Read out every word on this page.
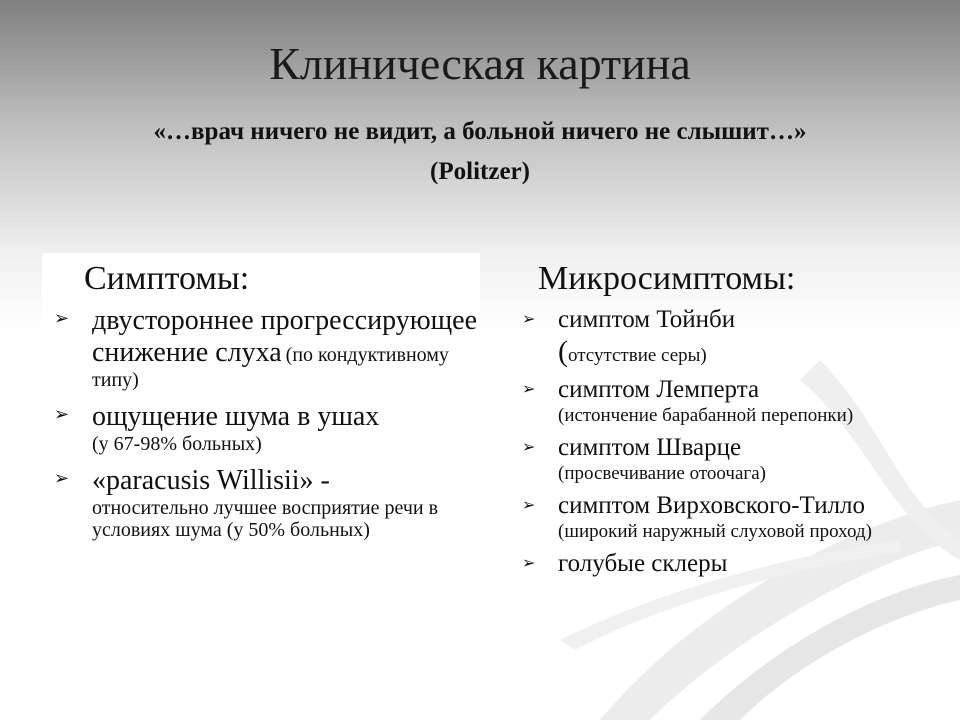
Клиническая картина
«…врач ничего не видит, а больной ничего не слышит…»
(Politzer)
Симптомы:
➢ двустороннее прогрессирующее снижение слуха (по кондуктивному типу)
➢ ощущение шума в ушах
(у 67-98% больных)
➢ «paracusis Willisii» -
относительно лучшее восприятие речи в условиях шума (у 50% больных)
Микросимптомы:
➢ симптом Тойнби
(отсутствие серы)
➢ симптом Лемперта
(истончение барабанной перепонки)
➢ симптом Шварце
(просвечивание отоочага)
➢ симптом Вирховского-Тилло (широкий наружный слуховой проход)
➢ голубые склеры
